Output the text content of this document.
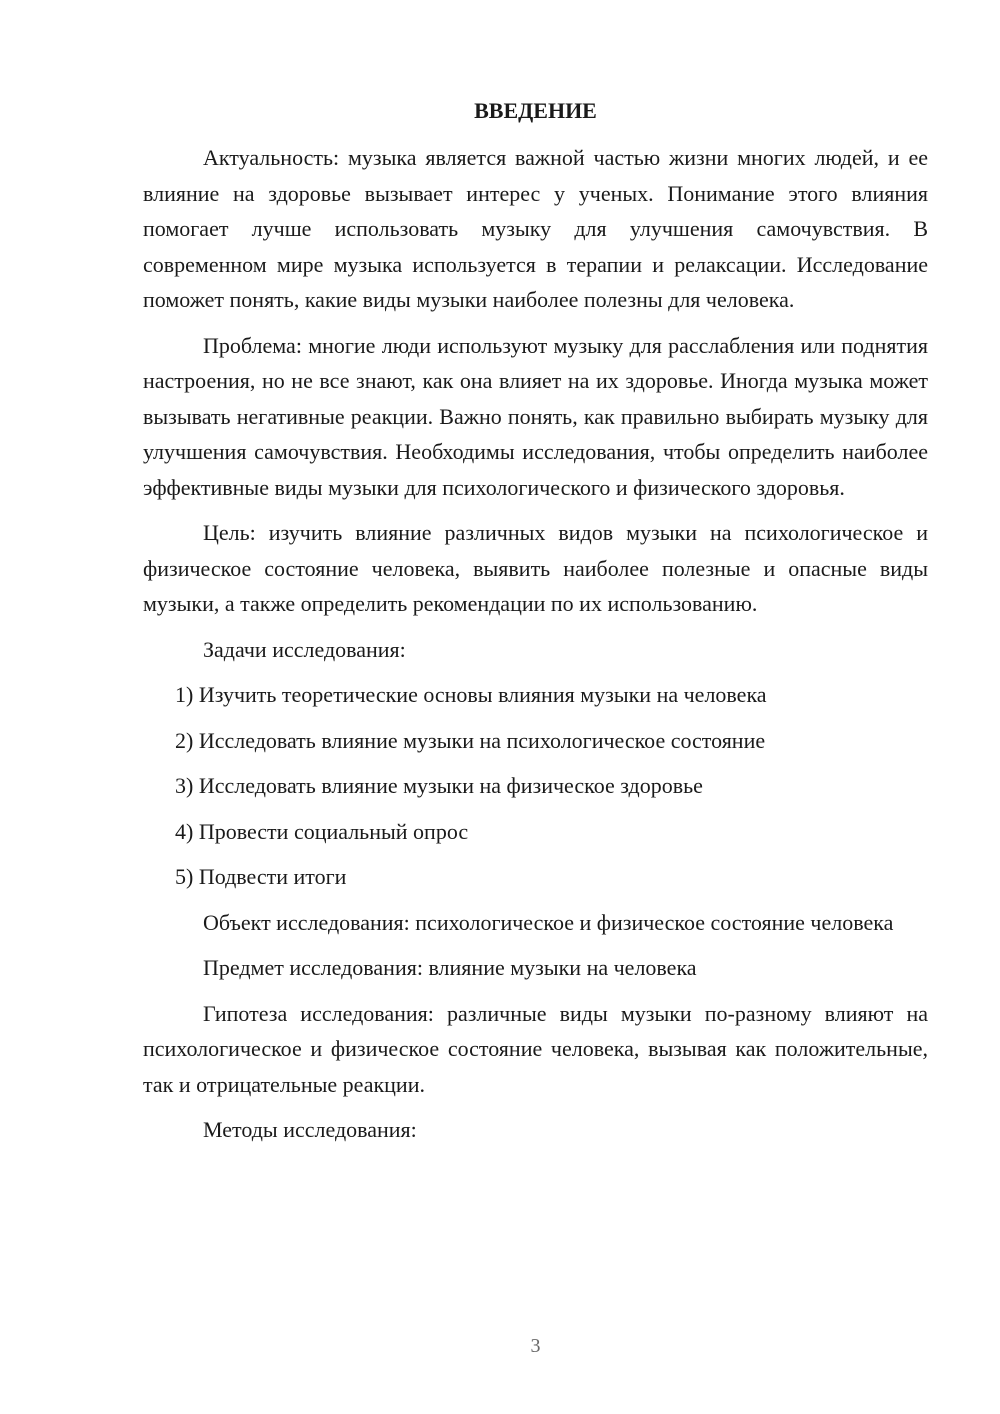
ВВЕДЕНИЕ

Актуальность: музыка является важной частью жизни многих людей, и ее влияние на здоровье вызывает интерес у ученых. Понимание этого влияния помогает лучше использовать музыку для улучшения самочувствия. В современном мире музыка используется в терапии и релаксации. Исследование поможет понять, какие виды музыки наиболее полезны для человека.

Проблема: многие люди используют музыку для расслабления или поднятия настроения, но не все знают, как она влияет на их здоровье. Иногда музыка может вызывать негативные реакции. Важно понять, как правильно выбирать музыку для улучшения самочувствия. Необходимы исследования, чтобы определить наиболее эффективные виды музыки для психологического и физического здоровья.

Цель: изучить влияние различных видов музыки на психологическое и физическое состояние человека, выявить наиболее полезные и опасные виды музыки, а также определить рекомендации по их использованию.

Задачи исследования:

1) Изучить теоретические основы влияния музыки на человека

2) Исследовать влияние музыки на психологическое состояние

3) Исследовать влияние музыки на физическое здоровье

4) Провести социальный опрос

5) Подвести итоги

Объект исследования: психологическое и физическое состояние человека

Предмет исследования: влияние музыки на человека

Гипотеза исследования: различные виды музыки по-разному влияют на психологическое и физическое состояние человека, вызывая как положительные, так и отрицательные реакции.

Методы исследования:

3
